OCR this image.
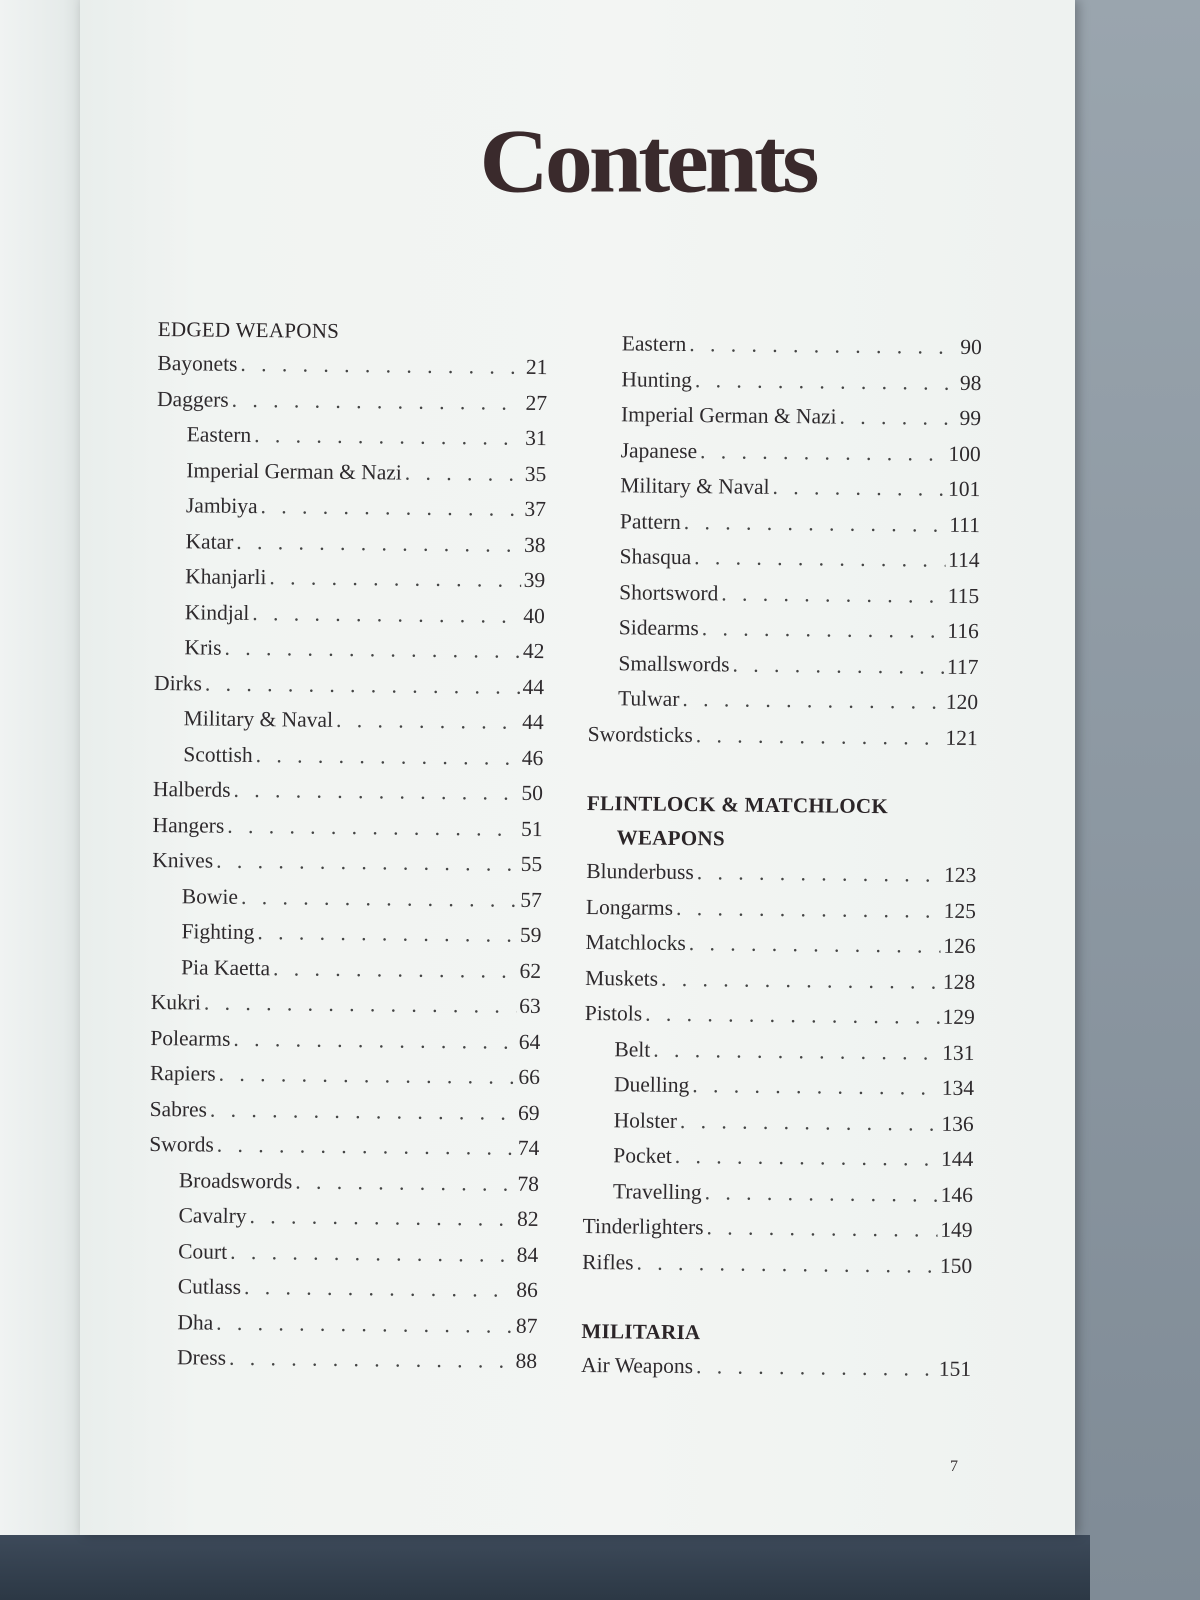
Contents
EDGED WEAPONS
Bayonets . . .	21
Daggers . . .	27
Eastern . . .	31
Imperial German & Nazi . . .	35
Jambiya . . .	37
Katar . . .	38
Khanjarli . . .	39
Kindjal . . .	40
Kris . . .	42
Dirks . . .	44
Military & Naval . . .	44
Scottish . . .	46
Halberds . . .	50
Hangers . . .	51
Knives . . .	55
Bowie . . .	57
Fighting . . .	59
Pia Kaetta . . .	62
Kukri . . .	63
Polearms . . .	64
Rapiers . . .	66
Sabres . . .	69
Swords . . .	74
Broadswords . . .	78
Cavalry . . .	82
Court . . .	84
Cutlass . . .	86
Dha . . .	87
Dress . . .	88
Eastern . . .	90
Hunting . . .	98
Imperial German & Nazi . . .	99
Japanese . . .	100
Military & Naval . . .	101
Pattern . . .	111
Shasqua . . .	114
Shortsword . . .	115
Sidearms . . .	116
Smallswords . . .	117
Tulwar . . .	120
Swordsticks . . .	121
FLINTLOCK & MATCHLOCK
WEAPONS
Blunderbuss . . .	123
Longarms . . .	125
Matchlocks . . .	126
Muskets . . .	128
Pistols . . .	129
Belt . . .	131
Duelling . . .	134
Holster . . .	136
Pocket . . .	144
Travelling . . .	146
Tinderlighters . . .	149
Rifles . . .	150
MILITARIA
Air Weapons . . .	151
7
